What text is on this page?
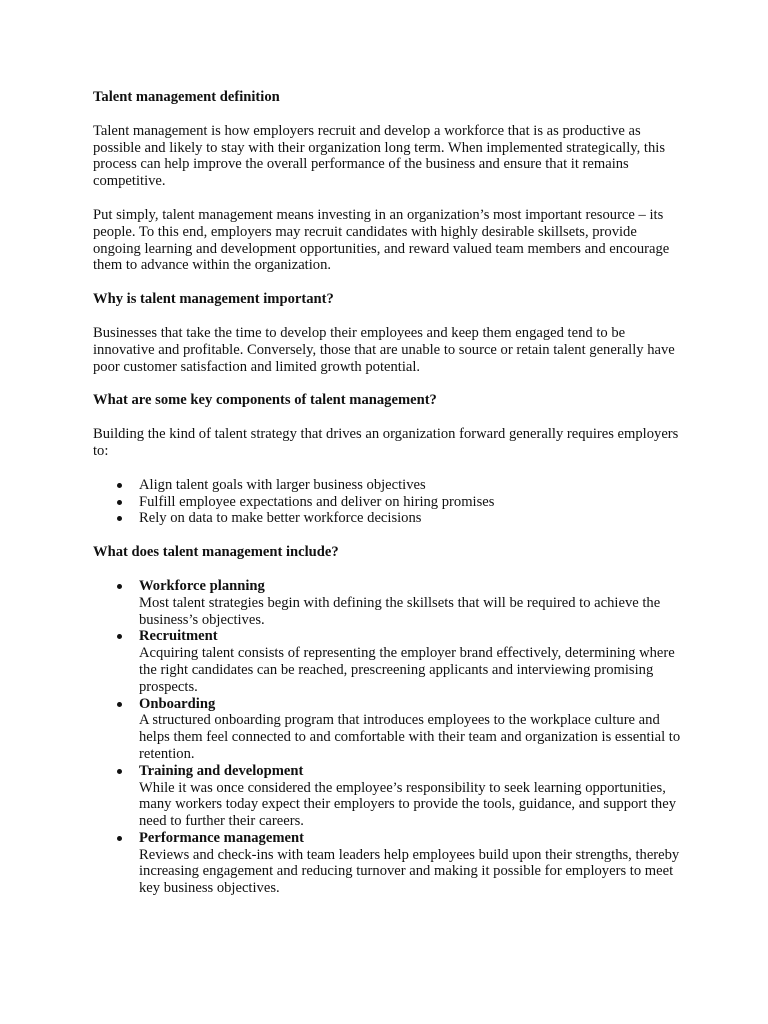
Talent management definition

Talent management is how employers recruit and develop a workforce that is as productive as possible and likely to stay with their organization long term. When implemented strategically, this process can help improve the overall performance of the business and ensure that it remains competitive.

Put simply, talent management means investing in an organization’s most important resource – its people. To this end, employers may recruit candidates with highly desirable skillsets, provide ongoing learning and development opportunities, and reward valued team members and encourage them to advance within the organization.

Why is talent management important?

Businesses that take the time to develop their employees and keep them engaged tend to be innovative and profitable. Conversely, those that are unable to source or retain talent generally have poor customer satisfaction and limited growth potential.

What are some key components of talent management?

Building the kind of talent strategy that drives an organization forward generally requires employers to:

Align talent goals with larger business objectives
Fulfill employee expectations and deliver on hiring promises
Rely on data to make better workforce decisions
What does talent management include?
Workforce planning
Most talent strategies begin with defining the skillsets that will be required to achieve the business’s objectives.
Recruitment
Acquiring talent consists of representing the employer brand effectively, determining where the right candidates can be reached, prescreening applicants and interviewing promising prospects.
Onboarding
A structured onboarding program that introduces employees to the workplace culture and helps them feel connected to and comfortable with their team and organization is essential to retention.
Training and development
While it was once considered the employee’s responsibility to seek learning opportunities, many workers today expect their employers to provide the tools, guidance, and support they need to further their careers.
Performance management
Reviews and check-ins with team leaders help employees build upon their strengths, thereby increasing engagement and reducing turnover and making it possible for employers to meet key business objectives.
